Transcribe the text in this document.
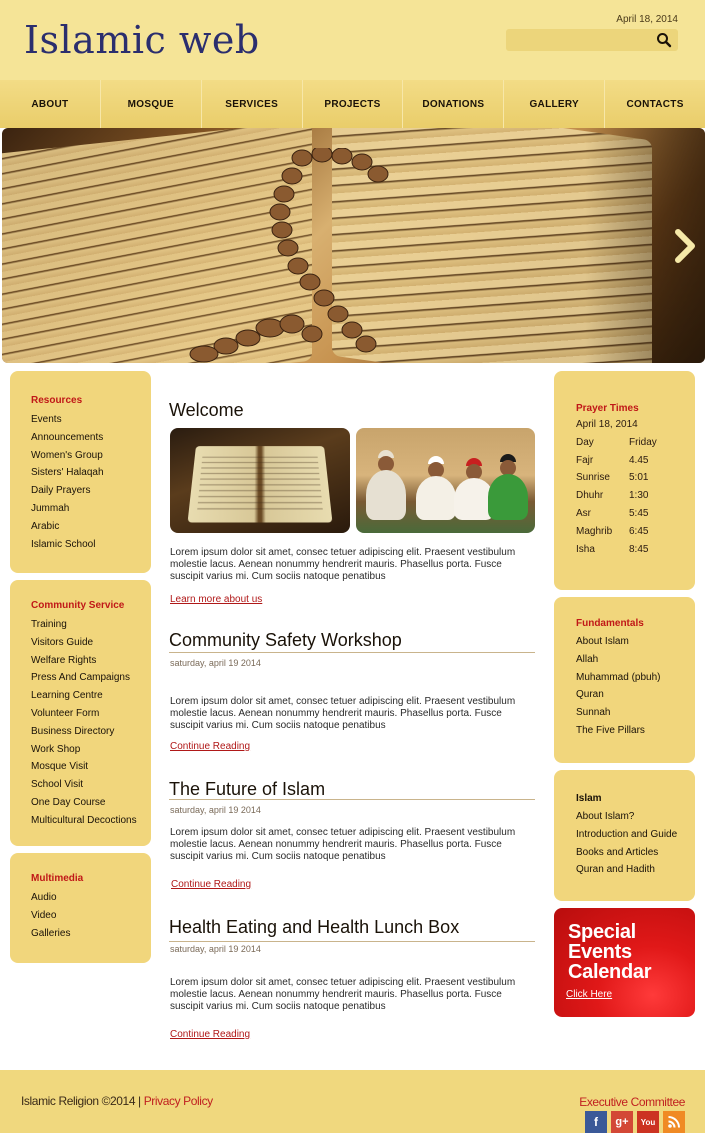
Islamic web	April 18, 2014
ABOUT	MOSQUE	SERVICES	PROJECTS	DONATIONS	GALLERY	CONTACTS
Resources
Events
Announcements
Women's Group
Sisters' Halaqah
Daily Prayers
Jummah
Arabic
Islamic School
Community Service
Training
Visitors Guide
Welfare Rights
Press And Campaigns
Learning Centre
Volunteer Form
Business Directory
Work Shop
Mosque Visit
School Visit
One Day Course
Multicultural Decoctions
Multimedia
Audio
Video
Galleries
Welcome
Lorem ipsum dolor sit amet, consec tetuer adipiscing elit. Praesent vestibulum molestie lacus. Aenean nonummy hendrerit mauris. Phasellus porta. Fusce suscipit varius mi. Cum sociis natoque penatibus
Learn more about us
Community Safety Workshop
saturday, april 19 2014
Lorem ipsum dolor sit amet, consec tetuer adipiscing elit. Praesent vestibulum molestie lacus. Aenean nonummy hendrerit mauris. Phasellus porta. Fusce suscipit varius mi. Cum sociis natoque penatibus
Continue Reading
The Future of Islam
saturday, april 19 2014
Lorem ipsum dolor sit amet, consec tetuer adipiscing elit. Praesent vestibulum molestie lacus. Aenean nonummy hendrerit mauris. Phasellus porta. Fusce suscipit varius mi. Cum sociis natoque penatibus
Continue Reading
Health Eating and Health Lunch Box
saturday, april 19 2014
Lorem ipsum dolor sit amet, consec tetuer adipiscing elit. Praesent vestibulum molestie lacus. Aenean nonummy hendrerit mauris. Phasellus porta. Fusce suscipit varius mi. Cum sociis natoque penatibus
Continue Reading
Prayer Times
April 18, 2014
Day	Friday
Fajr	4.45
Sunrise	5:01
Dhuhr	1:30
Asr	5:45
Maghrib	6:45
Isha	8:45
Fundamentals
About Islam
Allah
Muhammad (pbuh)
Quran
Sunnah
The Five Pillars
Islam
About Islam?
Introduction and Guide
Books and Articles
Quran and Hadith
Special
Events
Calendar
Click Here
Islamic Religion ©2014 | Privacy Policy	Executive Committee
f	g+	You
